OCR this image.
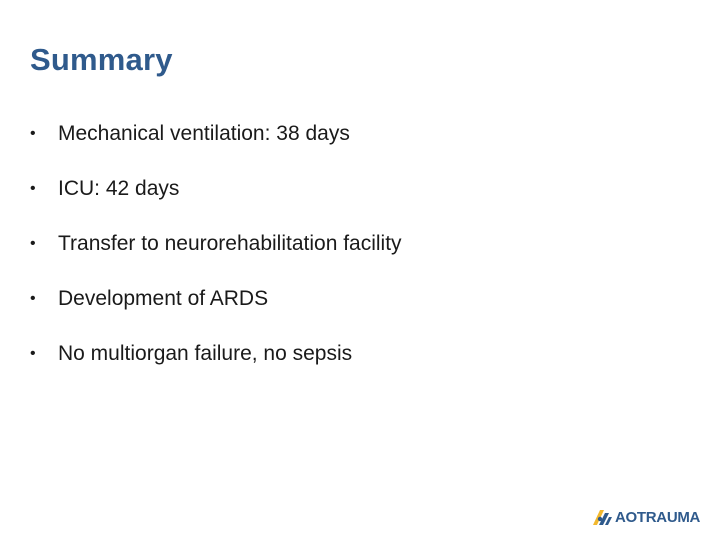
Summary
•	Mechanical ventilation: 38 days
•	ICU: 42 days
•	Transfer to neurorehabilitation facility
•	Development of ARDS
•	No multiorgan failure, no sepsis
AOTRAUMA
